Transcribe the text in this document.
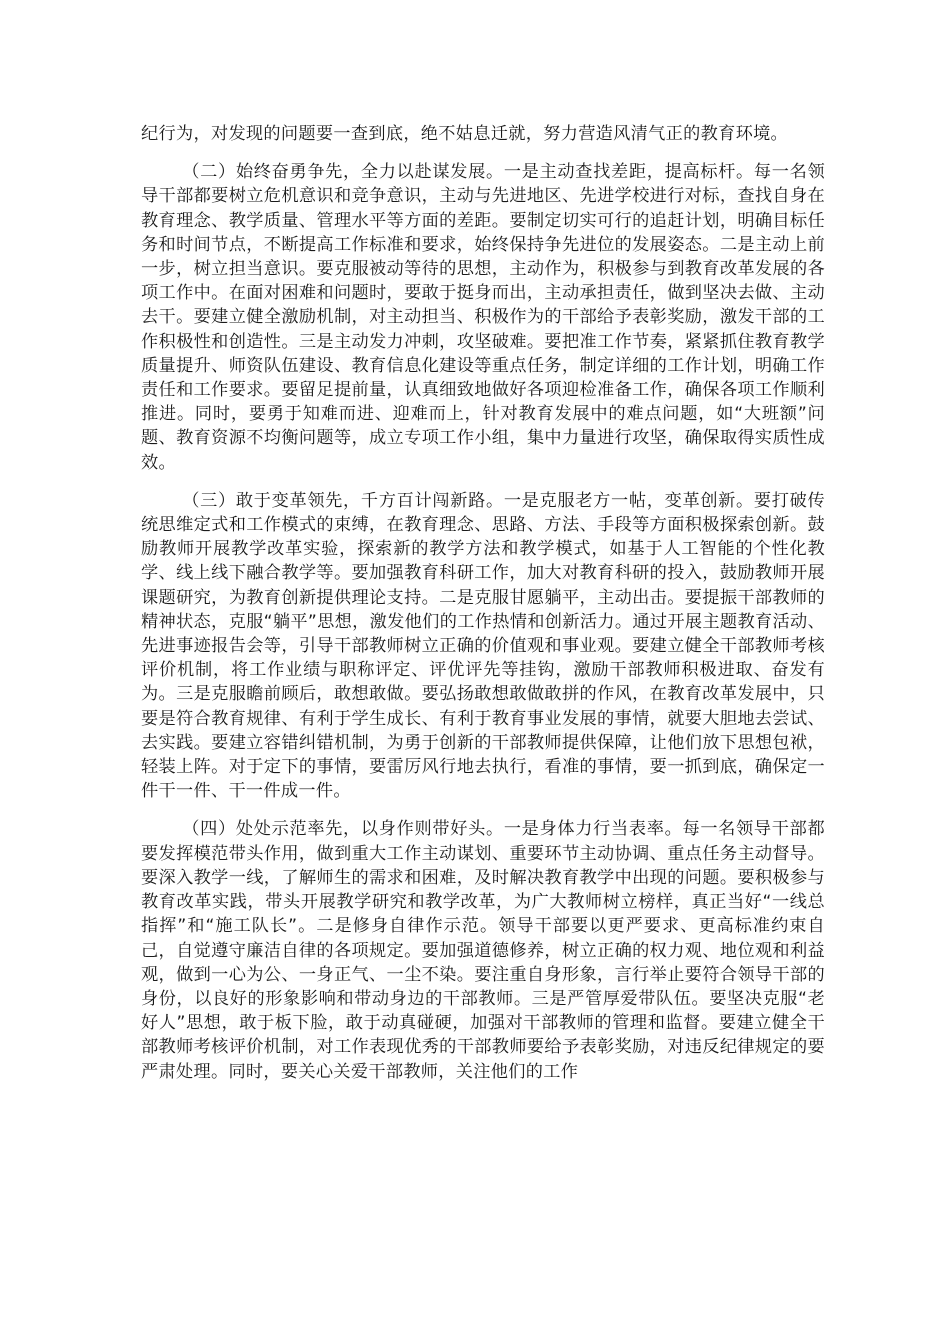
纪行为，对发现的问题要一查到底，绝不姑息迁就，努力营造风清气正的教育环境。

（二）始终奋勇争先，全力以赴谋发展。一是主动查找差距，提高标杆。每一名领导干部都要树立危机意识和竞争意识，主动与先进地区、先进学校进行对标，查找自身在教育理念、教学质量、管理水平等方面的差距。要制定切实可行的追赶计划，明确目标任务和时间节点，不断提高工作标准和要求，始终保持争先进位的发展姿态。二是主动上前一步，树立担当意识。要克服被动等待的思想，主动作为，积极参与到教育改革发展的各项工作中。在面对困难和问题时，要敢于挺身而出，主动承担责任，做到坚决去做、主动去干。要建立健全激励机制，对主动担当、积极作为的干部给予表彰奖励，激发干部的工作积极性和创造性。三是主动发力冲刺，攻坚破难。要把准工作节奏，紧紧抓住教育教学质量提升、师资队伍建设、教育信息化建设等重点任务，制定详细的工作计划，明确工作责任和工作要求。要留足提前量，认真细致地做好各项迎检准备工作，确保各项工作顺利推进。同时，要勇于知难而进、迎难而上，针对教育发展中的难点问题，如“大班额”问题、教育资源不均衡问题等，成立专项工作小组，集中力量进行攻坚，确保取得实质性成效。

（三）敢于变革领先，千方百计闯新路。一是克服老方一帖，变革创新。要打破传统思维定式和工作模式的束缚，在教育理念、思路、方法、手段等方面积极探索创新。鼓励教师开展教学改革实验，探索新的教学方法和教学模式，如基于人工智能的个性化教学、线上线下融合教学等。要加强教育科研工作，加大对教育科研的投入，鼓励教师开展课题研究，为教育创新提供理论支持。二是克服甘愿躺平，主动出击。要提振干部教师的精神状态，克服“躺平”思想，激发他们的工作热情和创新活力。通过开展主题教育活动、先进事迹报告会等，引导干部教师树立正确的价值观和事业观。要建立健全干部教师考核评价机制，将工作业绩与职称评定、评优评先等挂钩，激励干部教师积极进取、奋发有为。三是克服瞻前顾后，敢想敢做。要弘扬敢想敢做敢拼的作风，在教育改革发展中，只要是符合教育规律、有利于学生成长、有利于教育事业发展的事情，就要大胆地去尝试、去实践。要建立容错纠错机制，为勇于创新的干部教师提供保障，让他们放下思想包袱，轻装上阵。对于定下的事情，要雷厉风行地去执行，看准的事情，要一抓到底，确保定一件干一件、干一件成一件。

（四）处处示范率先，以身作则带好头。一是身体力行当表率。每一名领导干部都要发挥模范带头作用，做到重大工作主动谋划、重要环节主动协调、重点任务主动督导。要深入教学一线，了解师生的需求和困难，及时解决教育教学中出现的问题。要积极参与教育改革实践，带头开展教学研究和教学改革，为广大教师树立榜样，真正当好“一线总指挥”和“施工队长”。二是修身自律作示范。领导干部要以更严要求、更高标准约束自己，自觉遵守廉洁自律的各项规定。要加强道德修养，树立正确的权力观、地位观和利益观，做到一心为公、一身正气、一尘不染。要注重自身形象，言行举止要符合领导干部的身份，以良好的形象影响和带动身边的干部教师。三是严管厚爱带队伍。要坚决克服“老好人”思想，敢于板下脸，敢于动真碰硬，加强对干部教师的管理和监督。要建立健全干部教师考核评价机制，对工作表现优秀的干部教师要给予表彰奖励，对违反纪律规定的要严肃处理。同时，要关心关爱干部教师，关注他们的工作
